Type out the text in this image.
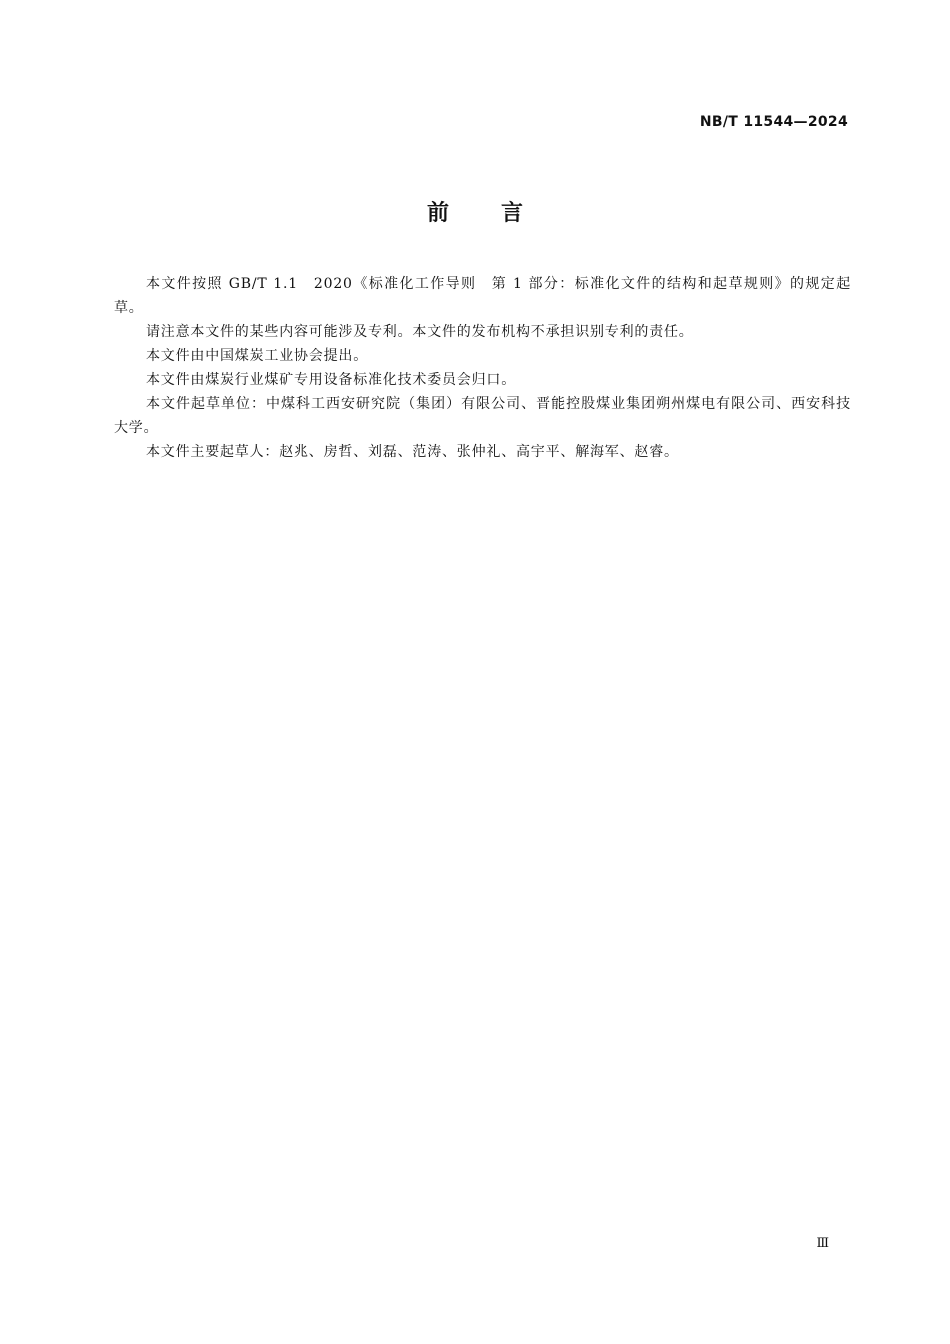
NB/T 11544—2024
前 言

本文件按照 GB/T 1.1　2020《标准化工作导则　第 1 部分：标准化文件的结构和起草规则》的规定起草。

请注意本文件的某些内容可能涉及专利。本文件的发布机构不承担识别专利的责任。

本文件由中国煤炭工业协会提出。

本文件由煤炭行业煤矿专用设备标准化技术委员会归口。

本文件起草单位：中煤科工西安研究院（集团）有限公司、晋能控股煤业集团朔州煤电有限公司、西安科技大学。

本文件主要起草人：赵兆、房哲、刘磊、范涛、张仲礼、高宇平、解海军、赵睿。

Ⅲ
